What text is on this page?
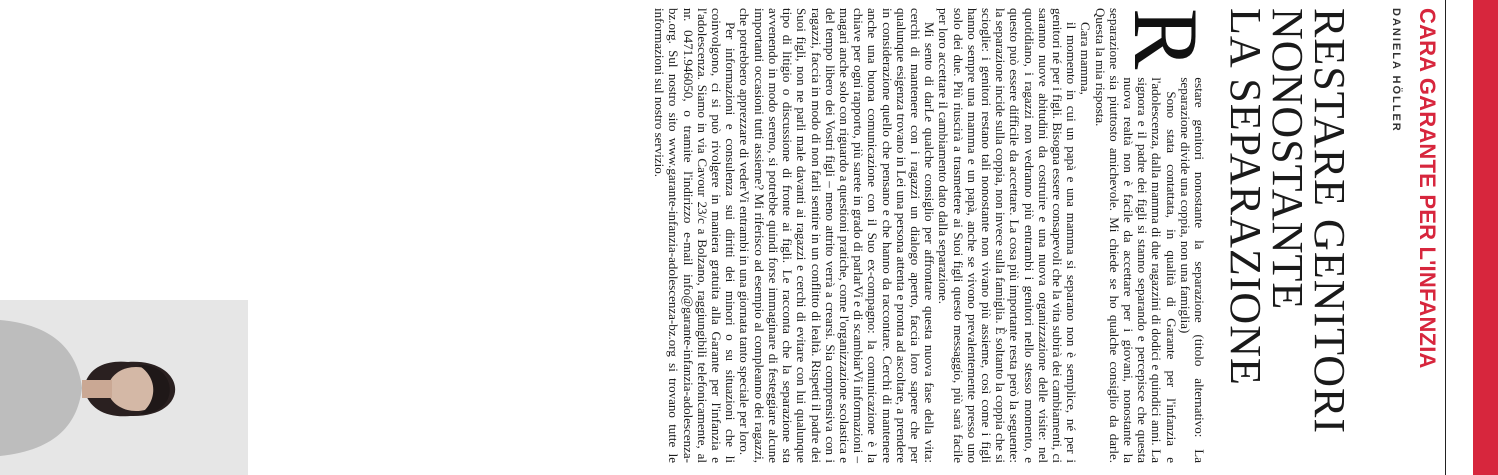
CARA GARANTE PER L'INFANZIA
DANIELA HÖLLER
RESTARE GENITORI
NONOSTANTE
LA SEPARAZIONE

R
estare genitori nonostante la separazione (titolo alternativo: La separazione divide una coppia, non una famiglia)

Sono stata contattata, in qualità di Garante per l'infanzia e l'adolescenza, dalla mamma di due ragazzini di dodici e quindici anni. La signora e il padre dei figli si stanno separando e percepisce che questa nuova realtà non è facile da accettare per i giovani, nonostante la separazione sia piuttosto amichevole. Mi chiede se ho qualche consiglio da darle. Questa la mia risposta.

Cara mamma,

il momento in cui un papà e una mamma si separano non è semplice, né per i genitori né per i figli. Bisogna essere consapevoli che la vita subirà dei cambiamenti, ci saranno nuove abitudini da costruire e una nuova organizzazione delle visite: nel quotidiano, i ragazzi non vedranno più entrambi i genitori nello stesso momento, e questo può essere difficile da accettare. La cosa più importante resta però la seguente: la separazione incide sulla coppia, non invece sulla famiglia. È soltanto la coppia che si scioglie: i genitori restano tali nonostante non vivano più assieme, così come i figli hanno sempre una mamma e un papà, anche se vivono prevalentemente presso uno solo dei due. Più riuscirà a trasmettere ai Suoi figli questo messaggio, più sarà facile per loro accettare il cambiamento dato dalla separazione.

Mi sento di darLe qualche consiglio per affrontare questa nuova fase della vita: cerchi di mantenere con i ragazzi un dialogo aperto, faccia loro sapere che per qualunque esigenza trovano in Lei una persona attenta e pronta ad ascoltare, a prendere in considerazione quello che pensano e che hanno da raccontare. Cerchi di mantenere anche una buona comunicazione con il Suo ex-compagno: la comunicazione è la chiave per ogni rapporto, più sarete in grado di parlarVi e di scambiarVi informazioni – magari anche solo con riguardo a questioni pratiche, come l'organizzazione scolastica e del tempo libero dei Vostri figli – meno attrito verrà a crearsi. Sia comprensiva con i ragazzi, faccia in modo di non farli sentire in un conflitto di lealtà. Rispetti il padre dei Suoi figli, non ne parli male davanti ai ragazzi e cerchi di evitare con lui qualunque tipo di litigio o discussione di fronte ai figli. Le racconta che la separazione sta avvenendo in modo sereno, si potrebbe quindi forse immaginare di festeggiare alcune importanti occasioni tutti assieme? Mi riferisco ad esempio al compleanno dei ragazzi, che potrebbero apprezzare di vederVi entrambi in una giornata tanto speciale per loro.

Per informazioni e consulenza sui diritti dei minori o su situazioni che li coinvolgono, ci si può rivolgere in maniera gratuita alla Garante per l'infanzia e l'adolescenza. Siamo in via Cavour 23/c a Bolzano, raggiungibili telefonicamente, al nr. 0471.946050, o tramite l'indirizzo e-mail info@garante-infanzia-adolescenza-bz.org. Sul nostro sito www.garante-infanzia-adolescenza-bz.org si trovano tutte le informazioni sul nostro servizio.
